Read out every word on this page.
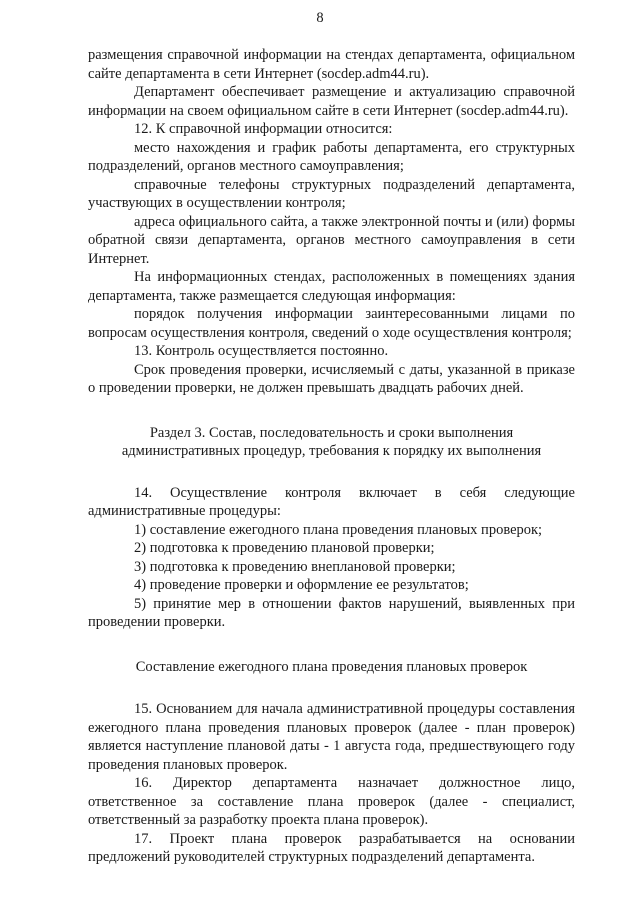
8

размещения справочной информации на стендах департамента, официальном сайте департамента в сети Интернет (socdep.adm44.ru).

Департамент обеспечивает размещение и актуализацию справочной информации на своем официальном сайте в сети Интернет (socdep.adm44.ru).

12. К справочной информации относится:

место нахождения и график работы департамента, его структурных подразделений, органов местного самоуправления;

справочные телефоны структурных подразделений департамента, участвующих в осуществлении контроля;

адреса официального сайта, а также электронной почты и (или) формы обратной связи департамента, органов местного самоуправления в сети Интернет.

На информационных стендах, расположенных в помещениях здания департамента, также размещается следующая информация:

порядок получения информации заинтересованными лицами по вопросам осуществления контроля, сведений о ходе осуществления контроля;

13. Контроль осуществляется постоянно.

Срок проведения проверки, исчисляемый с даты, указанной в приказе о проведении проверки, не должен превышать двадцать рабочих дней.

Раздел 3. Состав, последовательность и сроки выполнения
административных процедур, требования к порядку их выполнения

14. Осуществление контроля включает в себя следующие административные процедуры:

1) составление ежегодного плана проведения плановых проверок;

2) подготовка к проведению плановой проверки;

3) подготовка к проведению внеплановой проверки;

4) проведение проверки и оформление ее результатов;

5) принятие мер в отношении фактов нарушений, выявленных при проведении проверки.

Составление ежегодного плана проведения плановых проверок

15. Основанием для начала административной процедуры составления ежегодного плана проведения плановых проверок (далее - план проверок) является наступление плановой даты - 1 августа года, предшествующего году проведения плановых проверок.

16. Директор департамента назначает должностное лицо, ответственное за составление плана проверок (далее - специалист, ответственный за разработку проекта плана проверок).

17. Проект плана проверок разрабатывается на основании предложений руководителей структурных подразделений департамента.
